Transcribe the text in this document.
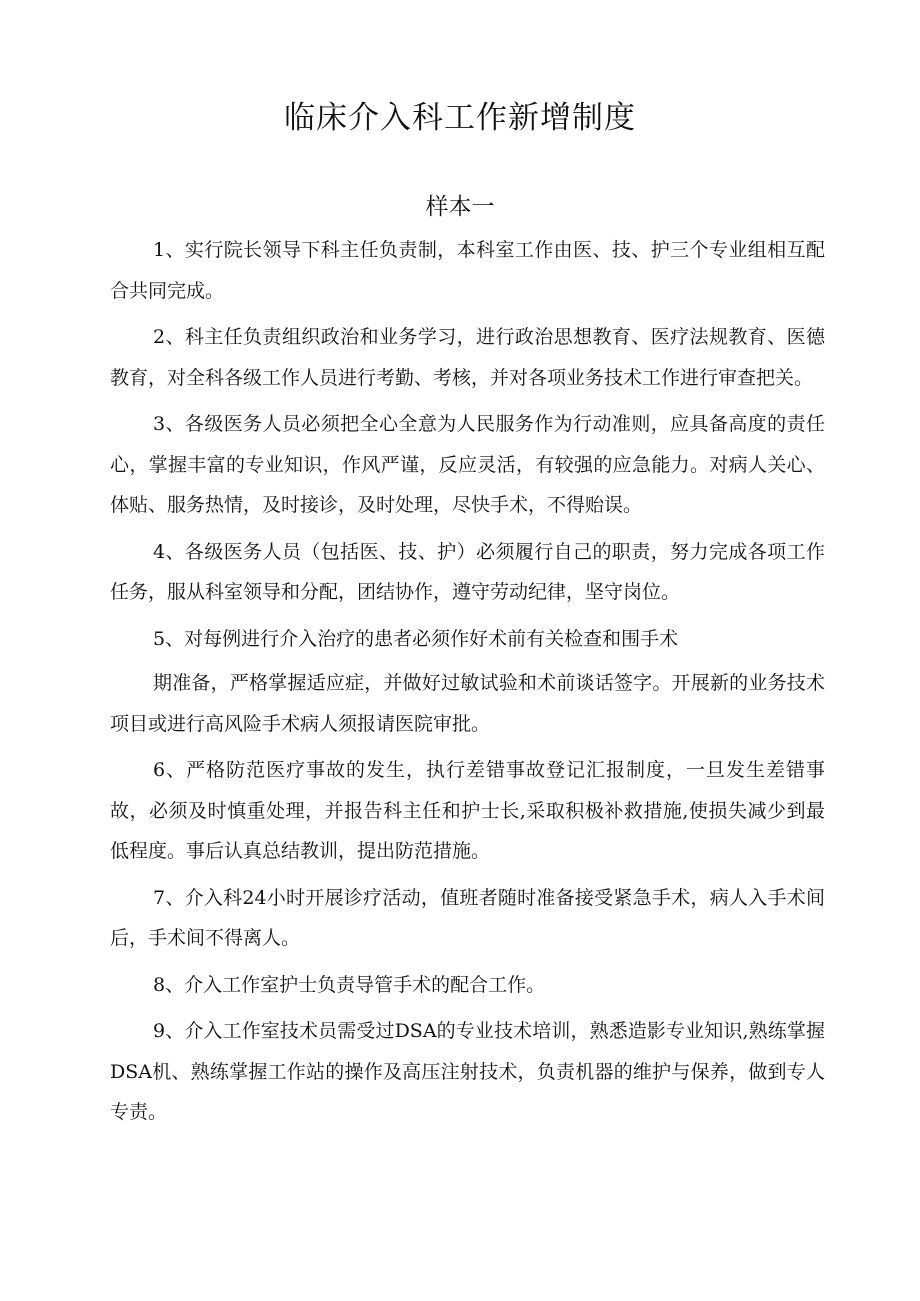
临床介入科工作新增制度
样本一

1、实行院长领导下科主任负责制，本科室工作由医、技、护三个专业组相互配合共同完成。

2、科主任负责组织政治和业务学习，进行政治思想教育、医疗法规教育、医德教育，对全科各级工作人员进行考勤、考核，并对各项业务技术工作进行审查把关。

3、各级医务人员必须把全心全意为人民服务作为行动准则，应具备高度的责任心，掌握丰富的专业知识，作风严谨，反应灵活，有较强的应急能力。对病人关心、体贴、服务热情，及时接诊，及时处理，尽快手术，不得贻误。

4、各级医务人员（包括医、技、护）必须履行自己的职责，努力完成各项工作任务，服从科室领导和分配，团结协作，遵守劳动纪律，坚守岗位。

5、对每例进行介入治疗的患者必须作好术前有关检查和围手术

期准备，严格掌握适应症，并做好过敏试验和术前谈话签字。开展新的业务技术项目或进行高风险手术病人须报请医院审批。

6、严格防范医疗事故的发生，执行差错事故登记汇报制度，一旦发生差错事故，必须及时慎重处理，并报告科主任和护士长,采取积极补救措施,使损失减少到最低程度。事后认真总结教训，提出防范措施。

7、介入科24小时开展诊疗活动，值班者随时准备接受紧急手术，病人入手术间后，手术间不得离人。

8、介入工作室护士负责导管手术的配合工作。

9、介入工作室技术员需受过DSA的专业技术培训，熟悉造影专业知识,熟练掌握DSA机、熟练掌握工作站的操作及高压注射技术，负责机器的维护与保养，做到专人专责。
